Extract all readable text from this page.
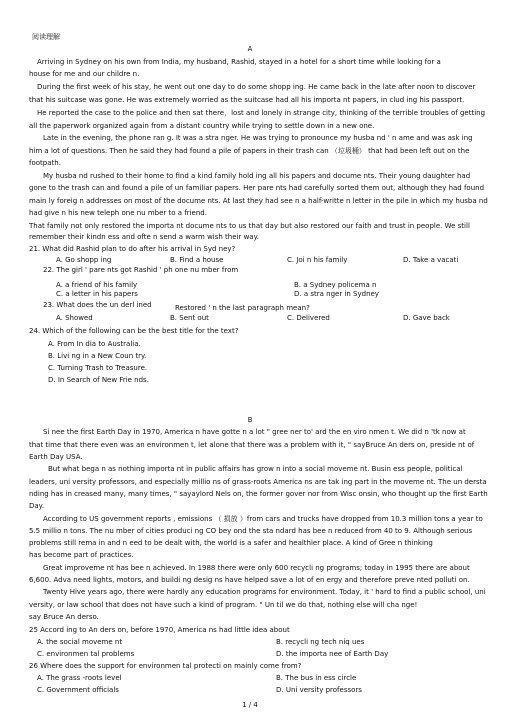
阅读理解
A
Arriving in Sydney on his own from India, my husband, Rashid, stayed in a hotel for a short time while looking for a
house for me and our childre n.
During the first week of his stay, he went out one day to do some shopp ing. He came back in the late after noon to discover
that his suitcase was gone. He was extremely worried as the suitcase had all his importa nt papers, in clud ing his passport.
He reported the case to the police and then sat there，lost and lonely in strange city, thinking of the terrible troubles of getting
all the paperwork organized again from a distant country while trying to settle down in a new one.
Late in the evening, the phone ran g. It was a stra nger. He was trying to pronounce my husba nd ' n ame and was ask ing
him a lot of questions. Then he said they had found a pile of papers in their trash can （垃圾桶） that had been left out on the
footpath.
My husba nd rushed to their home to find a kind family hold ing all his papers and docume nts. Their young daughter had
gone to the trash can and found a pile of un familiar papers. Her pare nts had carefully sorted them out, although they had found
main ly foreig n addresses on most of the docume nts. At last they had see n a half-writte n letter in the pile in which my husba nd
had give n his new teleph one nu mber to a friend.
That family not only restored the importa nt docume nts to us that day but also restored our faith and trust in people. We still
remember their kindn ess and ofte n send a warm wish their way.
21. What did Rashid plan to do after his arrival in Syd ney?
A. Go shopp ing	B. Find a house	C. Joi n his family	D. Take a vacati
22. The girl ' pare nts got Rashid ' ph one nu mber from
A. a friend of his family	B. a Sydney policema n
C. a letter in his papers	D. a stra nger in Sydney
23. What does the un derl ined	Restored ' n the last paragraph mean?
A. Showed	B. Sent out	C. Delivered	D. Gave back
24. Which of the following can be the best title for the text?
A. From In dia to Australia.
B. Livi ng in a New Coun try.
C. Turning Trash to Treasure.
D. In Search of New Frie nds.
B
Si nee the first Earth Day in 1970, America n have gotte n a lot " gree ner to' ard the en viro nmen t. We did n 'tk now at
that time that there even was an environmen t, let alone that there was a problem with it, " sayBruce An ders on, preside nt of
Earth Day USA.
But what bega n as nothing importa nt in public affairs has grow n into a social moveme nt. Busin ess people, political
leaders, uni versity professors, and especially millio ns of grass-roots America ns are tak ing part in the moveme nt. The un dersta
nding has in creased many, many times, " sayaylord Nels on, the former gover nor from Wisc onsin, who thought up the first Earth
Day.
According to US government reports , emissions （ 损放 ）from cars and trucks have dropped from 10.3 million tons a year to
5.5 millio n tons. The nu mber of cities produci ng CO bey ond the sta ndard has bee n reduced from 40 to 9. Although serious
problems still rema in and n eed to be dealt with, the world is a safer and healthier place. A kind of Gree n thinking
has become part of practices.
Great improveme nt has bee n achieved. In 1988 there were only 600 recycli ng programs; today in 1995 there are about
6,600. Adva need lights, motors, and buildi ng desig ns have helped save a lot of en ergy and therefore preve nted polluti on.
Twenty Hive years ago, there were hardly any education programs for environment. Today, it ' hard to find a public school, uni
versity, or law school that does not have such a kind of program. " Un til we do that, nothing else will cha nge!
say Bruce An derso.
25 Accord ing to An ders on, before 1970, America ns had little idea about
A. the social moveme nt	B. recycli ng tech niq ues
C. environmen tal problems	D. the importa nee of Earth Day
26 Where does the support for environmen tal protecti on mainly come from?
A. The grass -roots level	B. The bus in ess circle
C. Government officials	D. Uni versity professors
1 / 4
